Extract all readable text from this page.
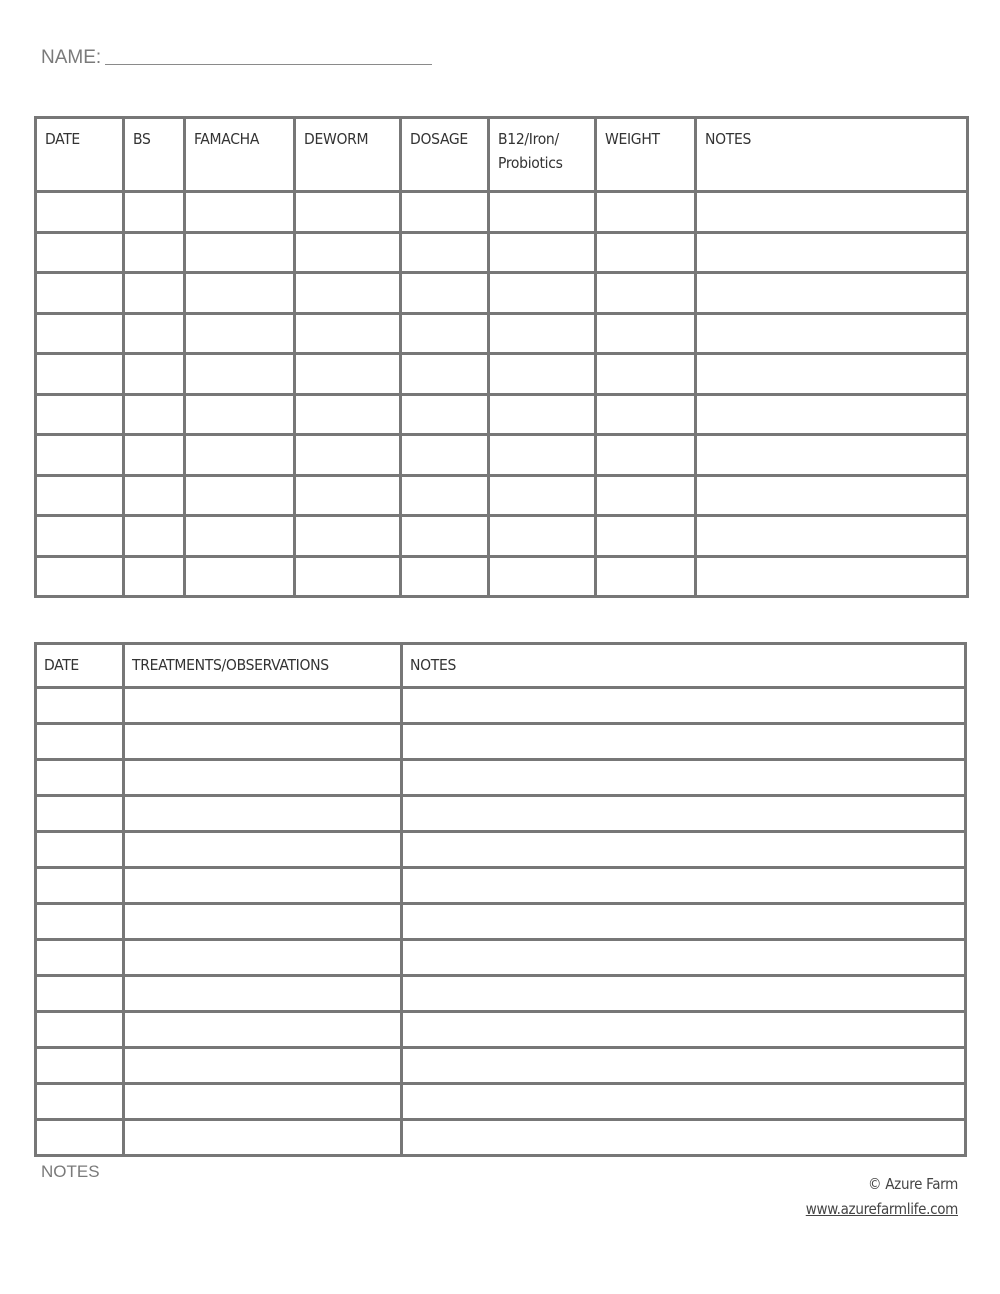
NAME:
DATE	BS	FAMACHA	DEWORM	DOSAGE	B12/Iron/ Probiotics	WEIGHT	NOTES

DATE	TREATMENTS/OBSERVATIONS	NOTES

NOTES
© Azure Farm
www.azurefarmlife.com
